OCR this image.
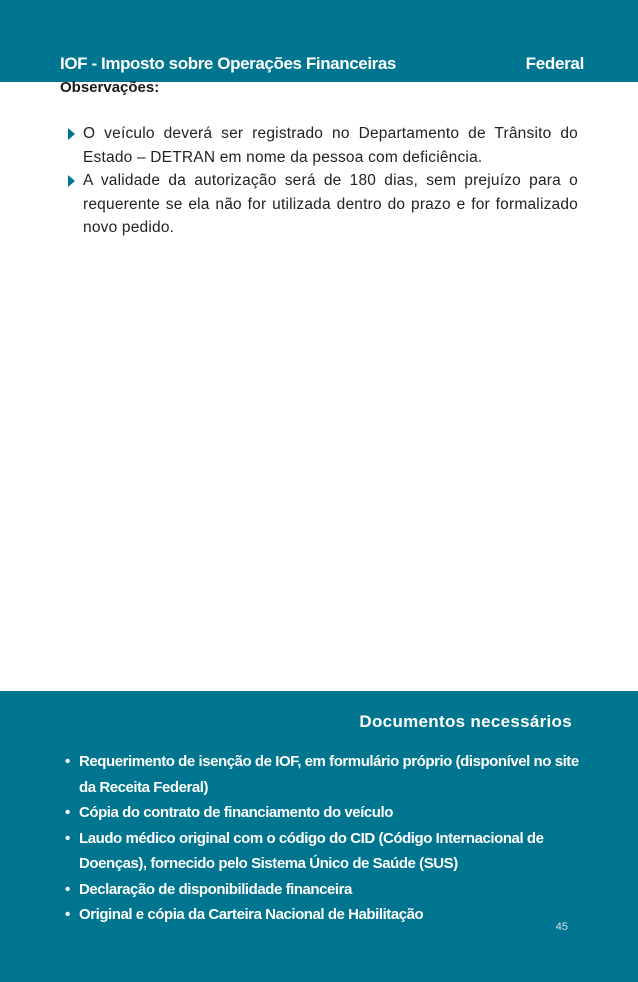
IOF - Imposto sobre Operações Financeiras	Federal
Observações:
O veículo deverá ser registrado no Departamento de Trânsito do Estado – DETRAN em nome da pessoa com deficiência.
A validade da autorização será de 180 dias, sem prejuízo para o requerente se ela não for utilizada dentro do prazo e for formalizado novo pedido.
Documentos necessários
• Requerimento de isenção de IOF, em formulário próprio (disponível no site da Receita Federal)
• Cópia do contrato de financiamento do veículo
• Laudo médico original com o código do CID (Código Internacional de Doenças), fornecido pelo Sistema Único de Saúde (SUS)
• Declaração de disponibilidade financeira
• Original e cópia da Carteira Nacional de Habilitação
45
